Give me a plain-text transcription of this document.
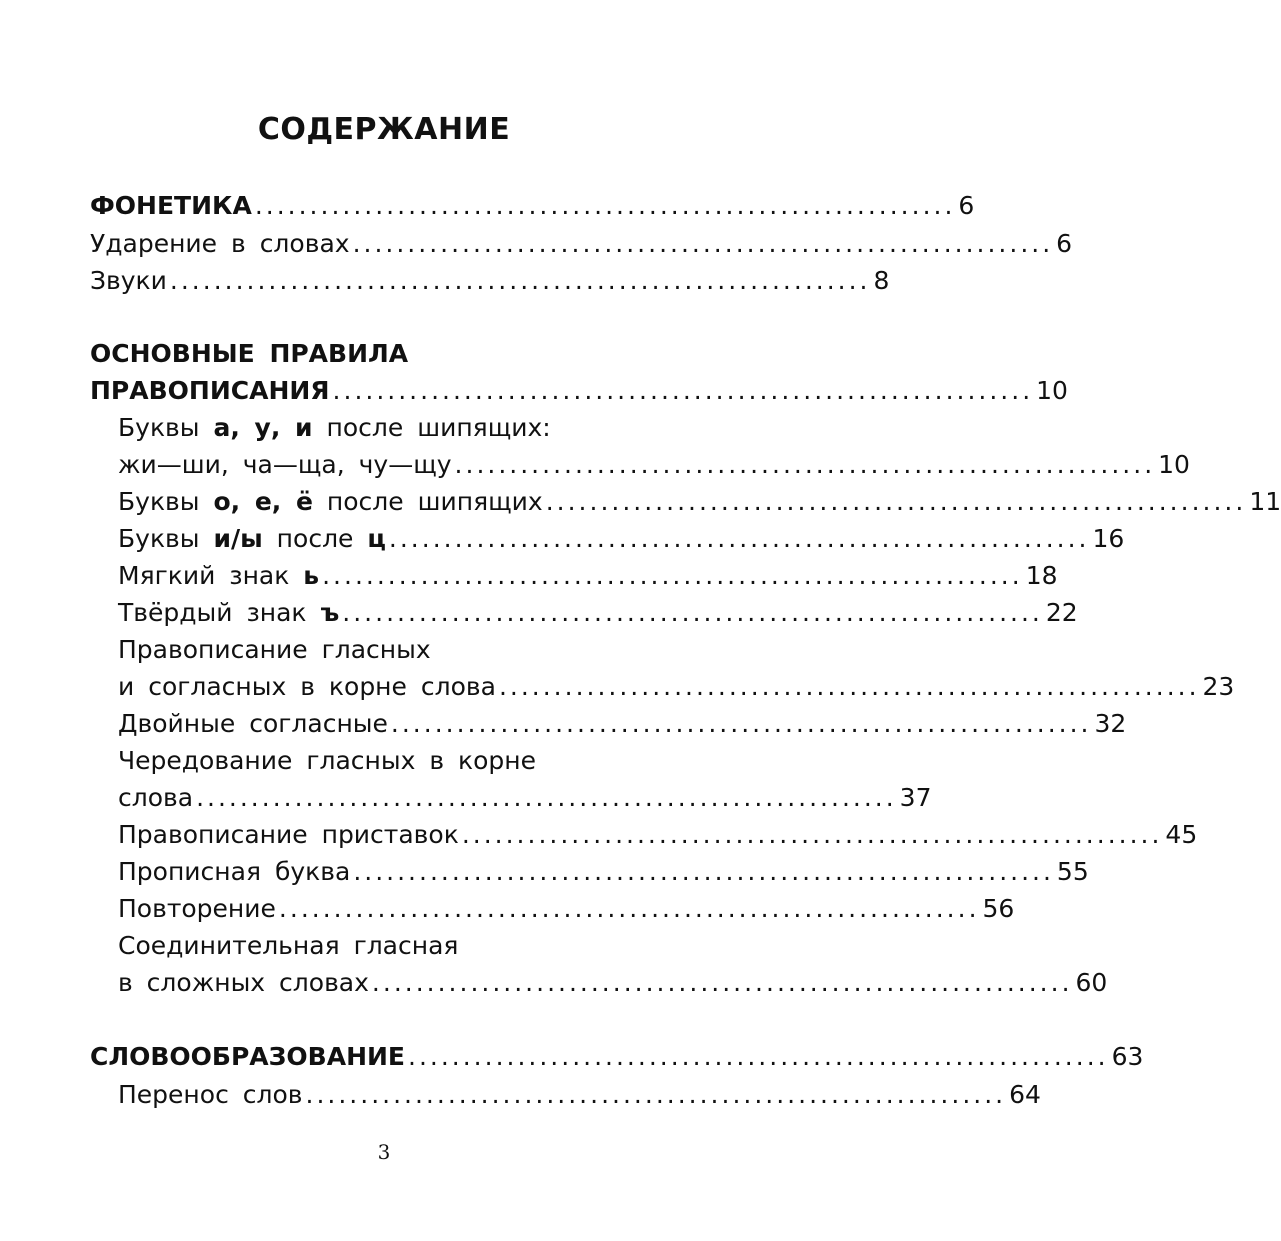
СОДЕРЖАНИЕ
ФОНЕТИКА ................................................................ 6
Ударение в словах ................................................................ 6
Звуки ................................................................ 8
ОСНОВНЫЕ ПРАВИЛА
ПРАВОПИСАНИЯ ................................................................ 10
Буквы а, у, и после шипящих:
жи—ши, ча—ща, чу—щу ................................................................ 10
Буквы о, е, ё после шипящих ................................................................ 11
Буквы и/ы после ц ................................................................ 16
Мягкий знак ь ................................................................ 18
Твёрдый знак ъ ................................................................ 22
Правописание гласных
и согласных в корне слова ................................................................ 23
Двойные согласные ................................................................ 32
Чередование гласных в корне
слова ................................................................ 37
Правописание приставок ................................................................ 45
Прописная буква ................................................................ 55
Повторение ................................................................ 56
Соединительная гласная
в сложных словах ................................................................ 60
СЛОВООБРАЗОВАНИЕ ................................................................ 63
Перенос слов ................................................................ 64
3
